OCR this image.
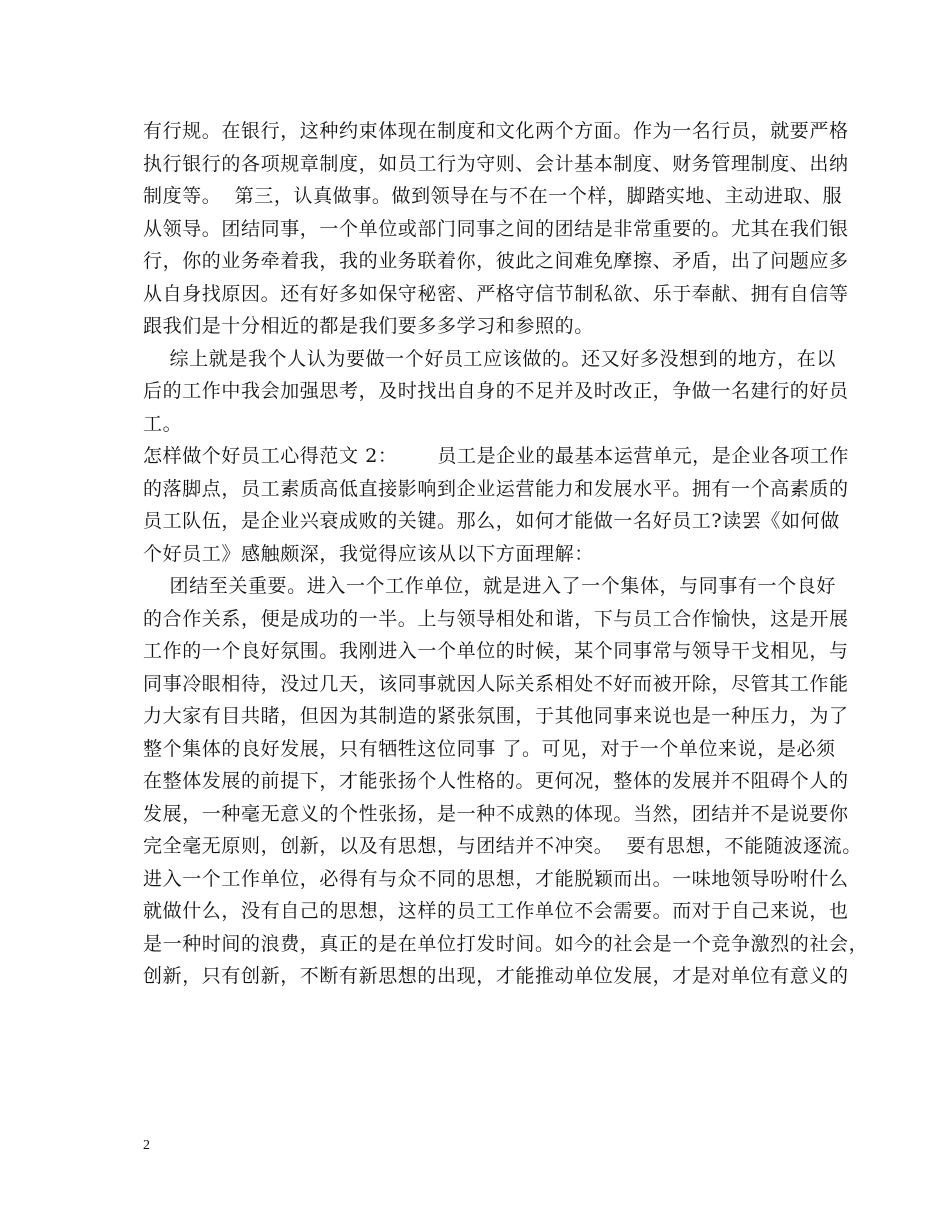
有行规。在银行，这种约束体现在制度和文化两个方面。作为一名行员，就要严格
执行银行的各项规章制度，如员工行为守则、会计基本制度、财务管理制度、出纳
制度等。  第三，认真做事。做到领导在与不在一个样，脚踏实地、主动进取、服
从领导。团结同事，一个单位或部门同事之间的团结是非常重要的。尤其在我们银
行，你的业务牵着我，我的业务联着你，彼此之间难免摩擦、矛盾，出了问题应多
从自身找原因。还有好多如保守秘密、严格守信节制私欲、乐于奉献、拥有自信等
跟我们是十分相近的都是我们要多多学习和参照的。
综上就是我个人认为要做一个好员工应该做的。还又好多没想到的地方，在以
后的工作中我会加强思考，及时找出自身的不足并及时改正，争做一名建行的好员
工。
怎样做个好员工心得范文 2：      员工是企业的最基本运营单元，是企业各项工作
的落脚点，员工素质高低直接影响到企业运营能力和发展水平。拥有一个高素质的
员工队伍，是企业兴衰成败的关键。那么，如何才能做一名好员工?读罢《如何做
个好员工》感触颇深，我觉得应该从以下方面理解：
团结至关重要。进入一个工作单位，就是进入了一个集体，与同事有一个良好
的合作关系，便是成功的一半。上与领导相处和谐，下与员工合作愉快，这是开展
工作的一个良好氛围。我刚进入一个单位的时候，某个同事常与领导干戈相见，与
同事冷眼相待，没过几天，该同事就因人际关系相处不好而被开除，尽管其工作能
力大家有目共睹，但因为其制造的紧张氛围，于其他同事来说也是一种压力，为了
整个集体的良好发展，只有牺牲这位同事 了。可见，对于一个单位来说，是必须
在整体发展的前提下，才能张扬个人性格的。更何况，整体的发展并不阻碍个人的
发展，一种毫无意义的个性张扬，是一种不成熟的体现。当然，团结并不是说要你
完全毫无原则，创新，以及有思想，与团结并不冲突。  要有思想，不能随波逐流。
进入一个工作单位，必得有与众不同的思想，才能脱颖而出。一味地领导吩咐什么
就做什么，没有自己的思想，这样的员工工作单位不会需要。而对于自己来说，也
是一种时间的浪费，真正的是在单位打发时间。如今的社会是一个竞争激烈的社会，
创新，只有创新，不断有新思想的出现，才能推动单位发展，才是对单位有意义的
2
